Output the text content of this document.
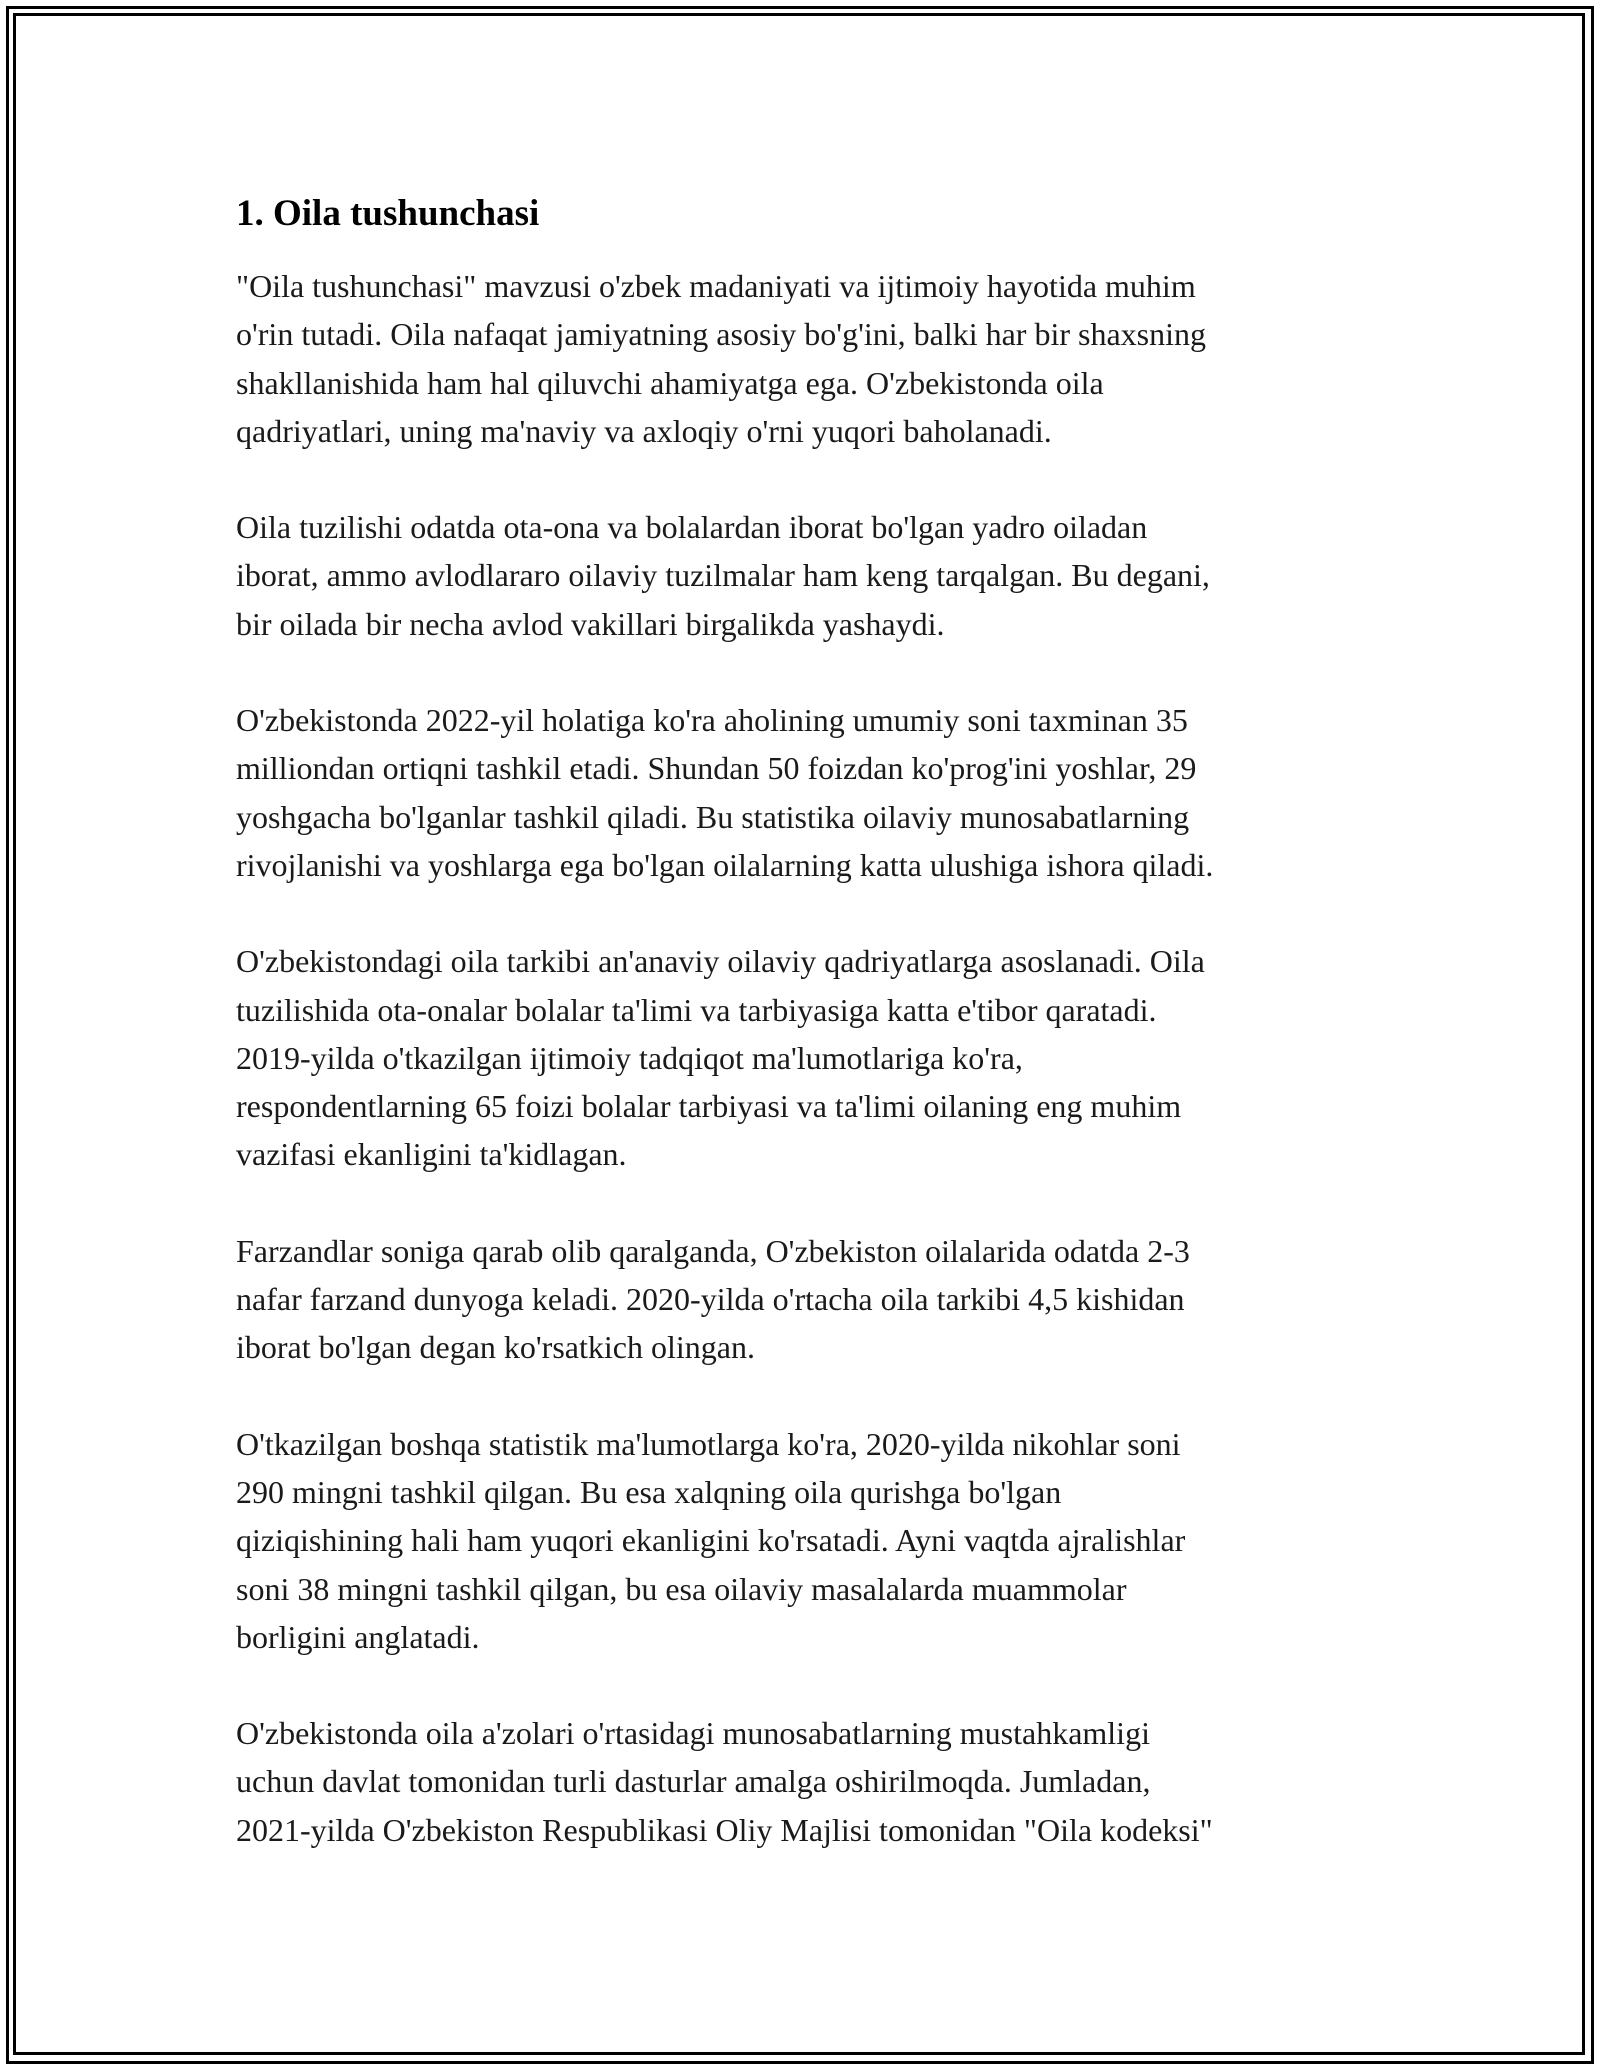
1. Oila tushunchasi

"Oila tushunchasi" mavzusi o'zbek madaniyati va ijtimoiy hayotida muhim
o'rin tutadi. Oila nafaqat jamiyatning asosiy bo'g'ini, balki har bir shaxsning
shakllanishida ham hal qiluvchi ahamiyatga ega. O'zbekistonda oila
qadriyatlari, uning ma'naviy va axloqiy o'rni yuqori baholanadi.

Oila tuzilishi odatda ota-ona va bolalardan iborat bo'lgan yadro oiladan
iborat, ammo avlodlararo oilaviy tuzilmalar ham keng tarqalgan. Bu degani,
bir oilada bir necha avlod vakillari birgalikda yashaydi.

O'zbekistonda 2022-yil holatiga ko'ra aholining umumiy soni taxminan 35
milliondan ortiqni tashkil etadi. Shundan 50 foizdan ko'prog'ini yoshlar, 29
yoshgacha bo'lganlar tashkil qiladi. Bu statistika oilaviy munosabatlarning
rivojlanishi va yoshlarga ega bo'lgan oilalarning katta ulushiga ishora qiladi.

O'zbekistondagi oila tarkibi an'anaviy oilaviy qadriyatlarga asoslanadi. Oila
tuzilishida ota-onalar bolalar ta'limi va tarbiyasiga katta e'tibor qaratadi.
2019-yilda o'tkazilgan ijtimoiy tadqiqot ma'lumotlariga ko'ra,
respondentlarning 65 foizi bolalar tarbiyasi va ta'limi oilaning eng muhim
vazifasi ekanligini ta'kidlagan.

Farzandlar soniga qarab olib qaralganda, O'zbekiston oilalarida odatda 2-3
nafar farzand dunyoga keladi. 2020-yilda o'rtacha oila tarkibi 4,5 kishidan
iborat bo'lgan degan ko'rsatkich olingan.

O'tkazilgan boshqa statistik ma'lumotlarga ko'ra, 2020-yilda nikohlar soni
290 mingni tashkil qilgan. Bu esa xalqning oila qurishga bo'lgan
qiziqishining hali ham yuqori ekanligini ko'rsatadi. Ayni vaqtda ajralishlar
soni 38 mingni tashkil qilgan, bu esa oilaviy masalalarda muammolar
borligini anglatadi.

O'zbekistonda oila a'zolari o'rtasidagi munosabatlarning mustahkamligi
uchun davlat tomonidan turli dasturlar amalga oshirilmoqda. Jumladan,
2021-yilda O'zbekiston Respublikasi Oliy Majlisi tomonidan "Oila kodeksi"
